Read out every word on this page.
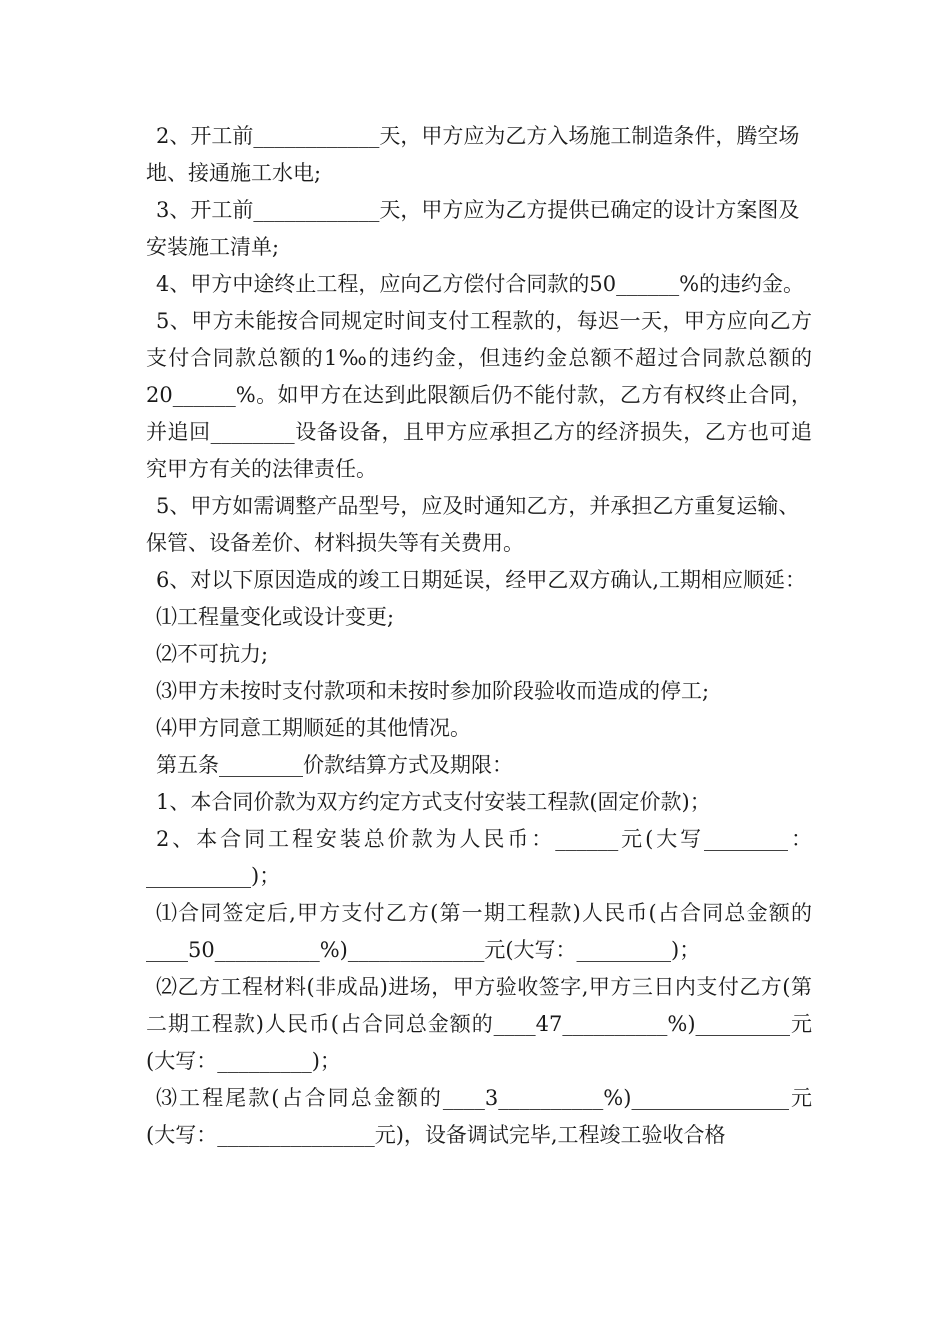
2、开工前____________天，甲方应为乙方入场施工制造条件，腾空场地、接通施工水电;

3、开工前____________天，甲方应为乙方提供已确定的设计方案图及安装施工清单;

4、甲方中途终止工程，应向乙方偿付合同款的50______%的违约金。

5、甲方未能按合同规定时间支付工程款的，每迟一天，甲方应向乙方支付合同款总额的1‰的违约金，但违约金总额不超过合同款总额的20______%。如甲方在达到此限额后仍不能付款，乙方有权终止合同，并追回________设备设备，且甲方应承担乙方的经济损失，乙方也可追究甲方有关的法律责任。

5、甲方如需调整产品型号，应及时通知乙方，并承担乙方重复运输、保管、设备差价、材料损失等有关费用。

6、对以下原因造成的竣工日期延误，经甲乙双方确认,工期相应顺延：

⑴工程量变化或设计变更;

⑵不可抗力;

⑶甲方未按时支付款项和未按时参加阶段验收而造成的停工;

⑷甲方同意工期顺延的其他情况。

第五条________价款结算方式及期限：

1、本合同价款为双方约定方式支付安装工程款(固定价款)；

2、本合同工程安装总价款为人民币：______元(大写________：__________)；

⑴合同签定后,甲方支付乙方(第一期工程款)人民币(占合同总金额的____50__________%)_____________元(大写：_________)；

⑵乙方工程材料(非成品)进场，甲方验收签字,甲方三日内支付乙方(第二期工程款)人民币(占合同总金额的____47__________%)_________元(大写：_________)；

⑶工程尾款(占合同总金额的____3__________%)_______________元(大写：_______________元)，设备调试完毕,工程竣工验收合格
